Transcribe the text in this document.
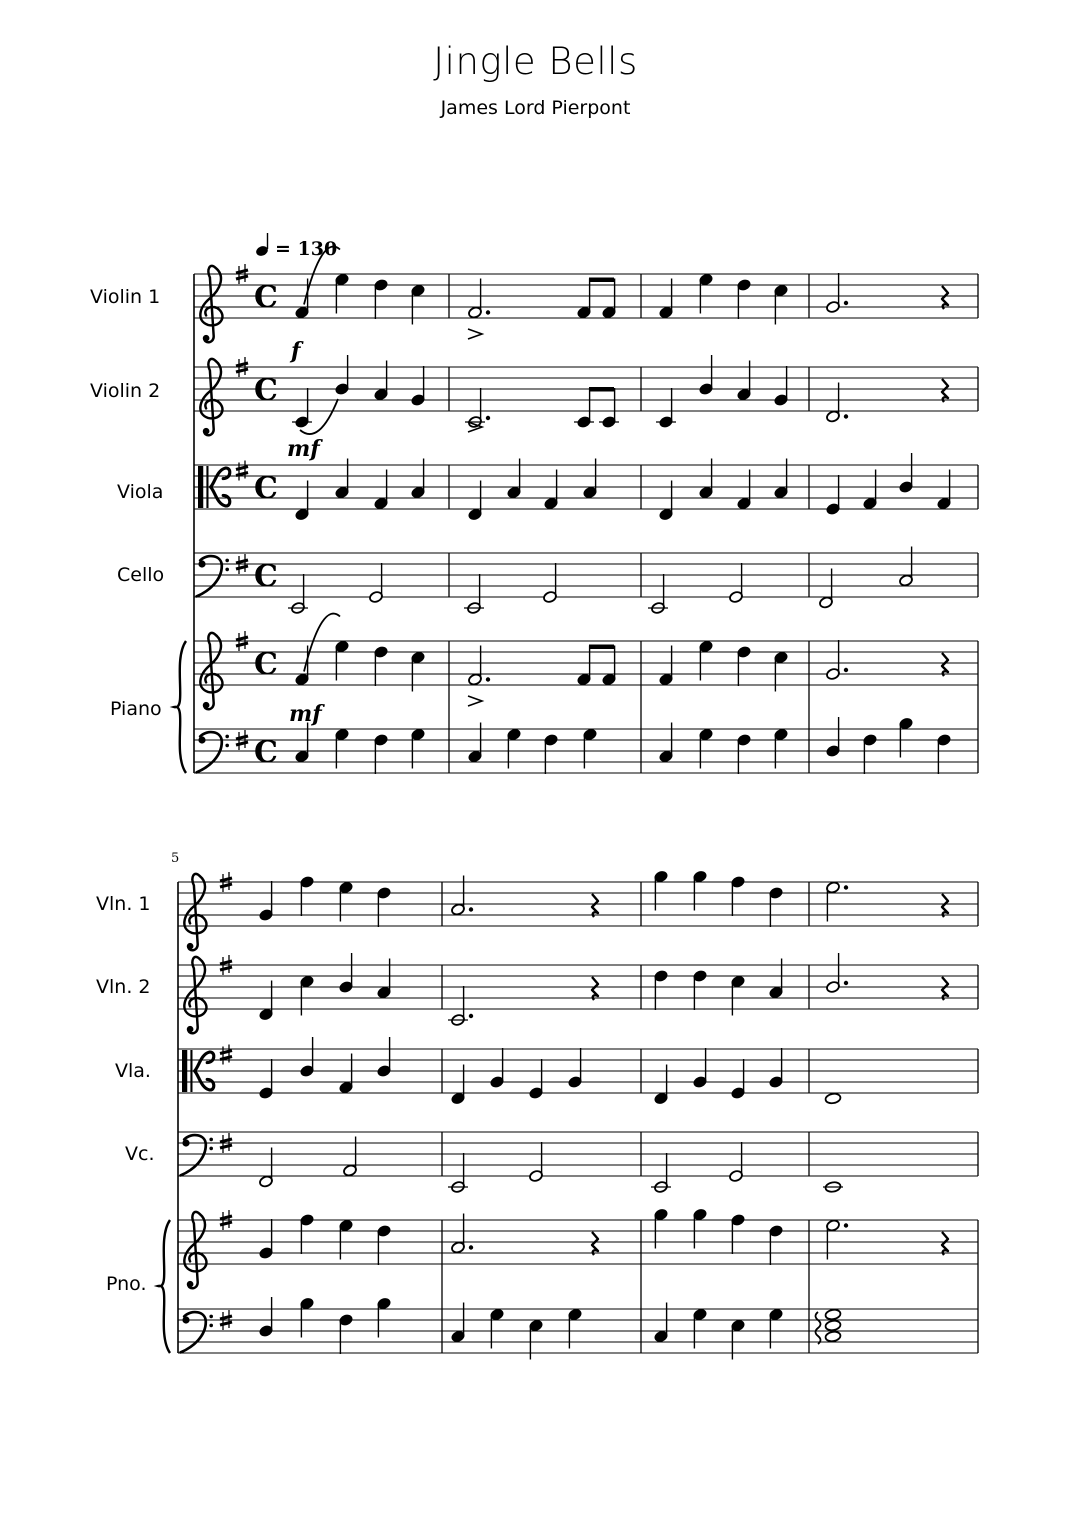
Jingle Bells
James Lord Pierpont
= 130
5
Violin 1
Violin 2
Viola
Cello
Piano
Vln. 1
Vln. 2
Vla.
Vc.
Pno.
C
C
C
C
C
C
f
mf
mf
